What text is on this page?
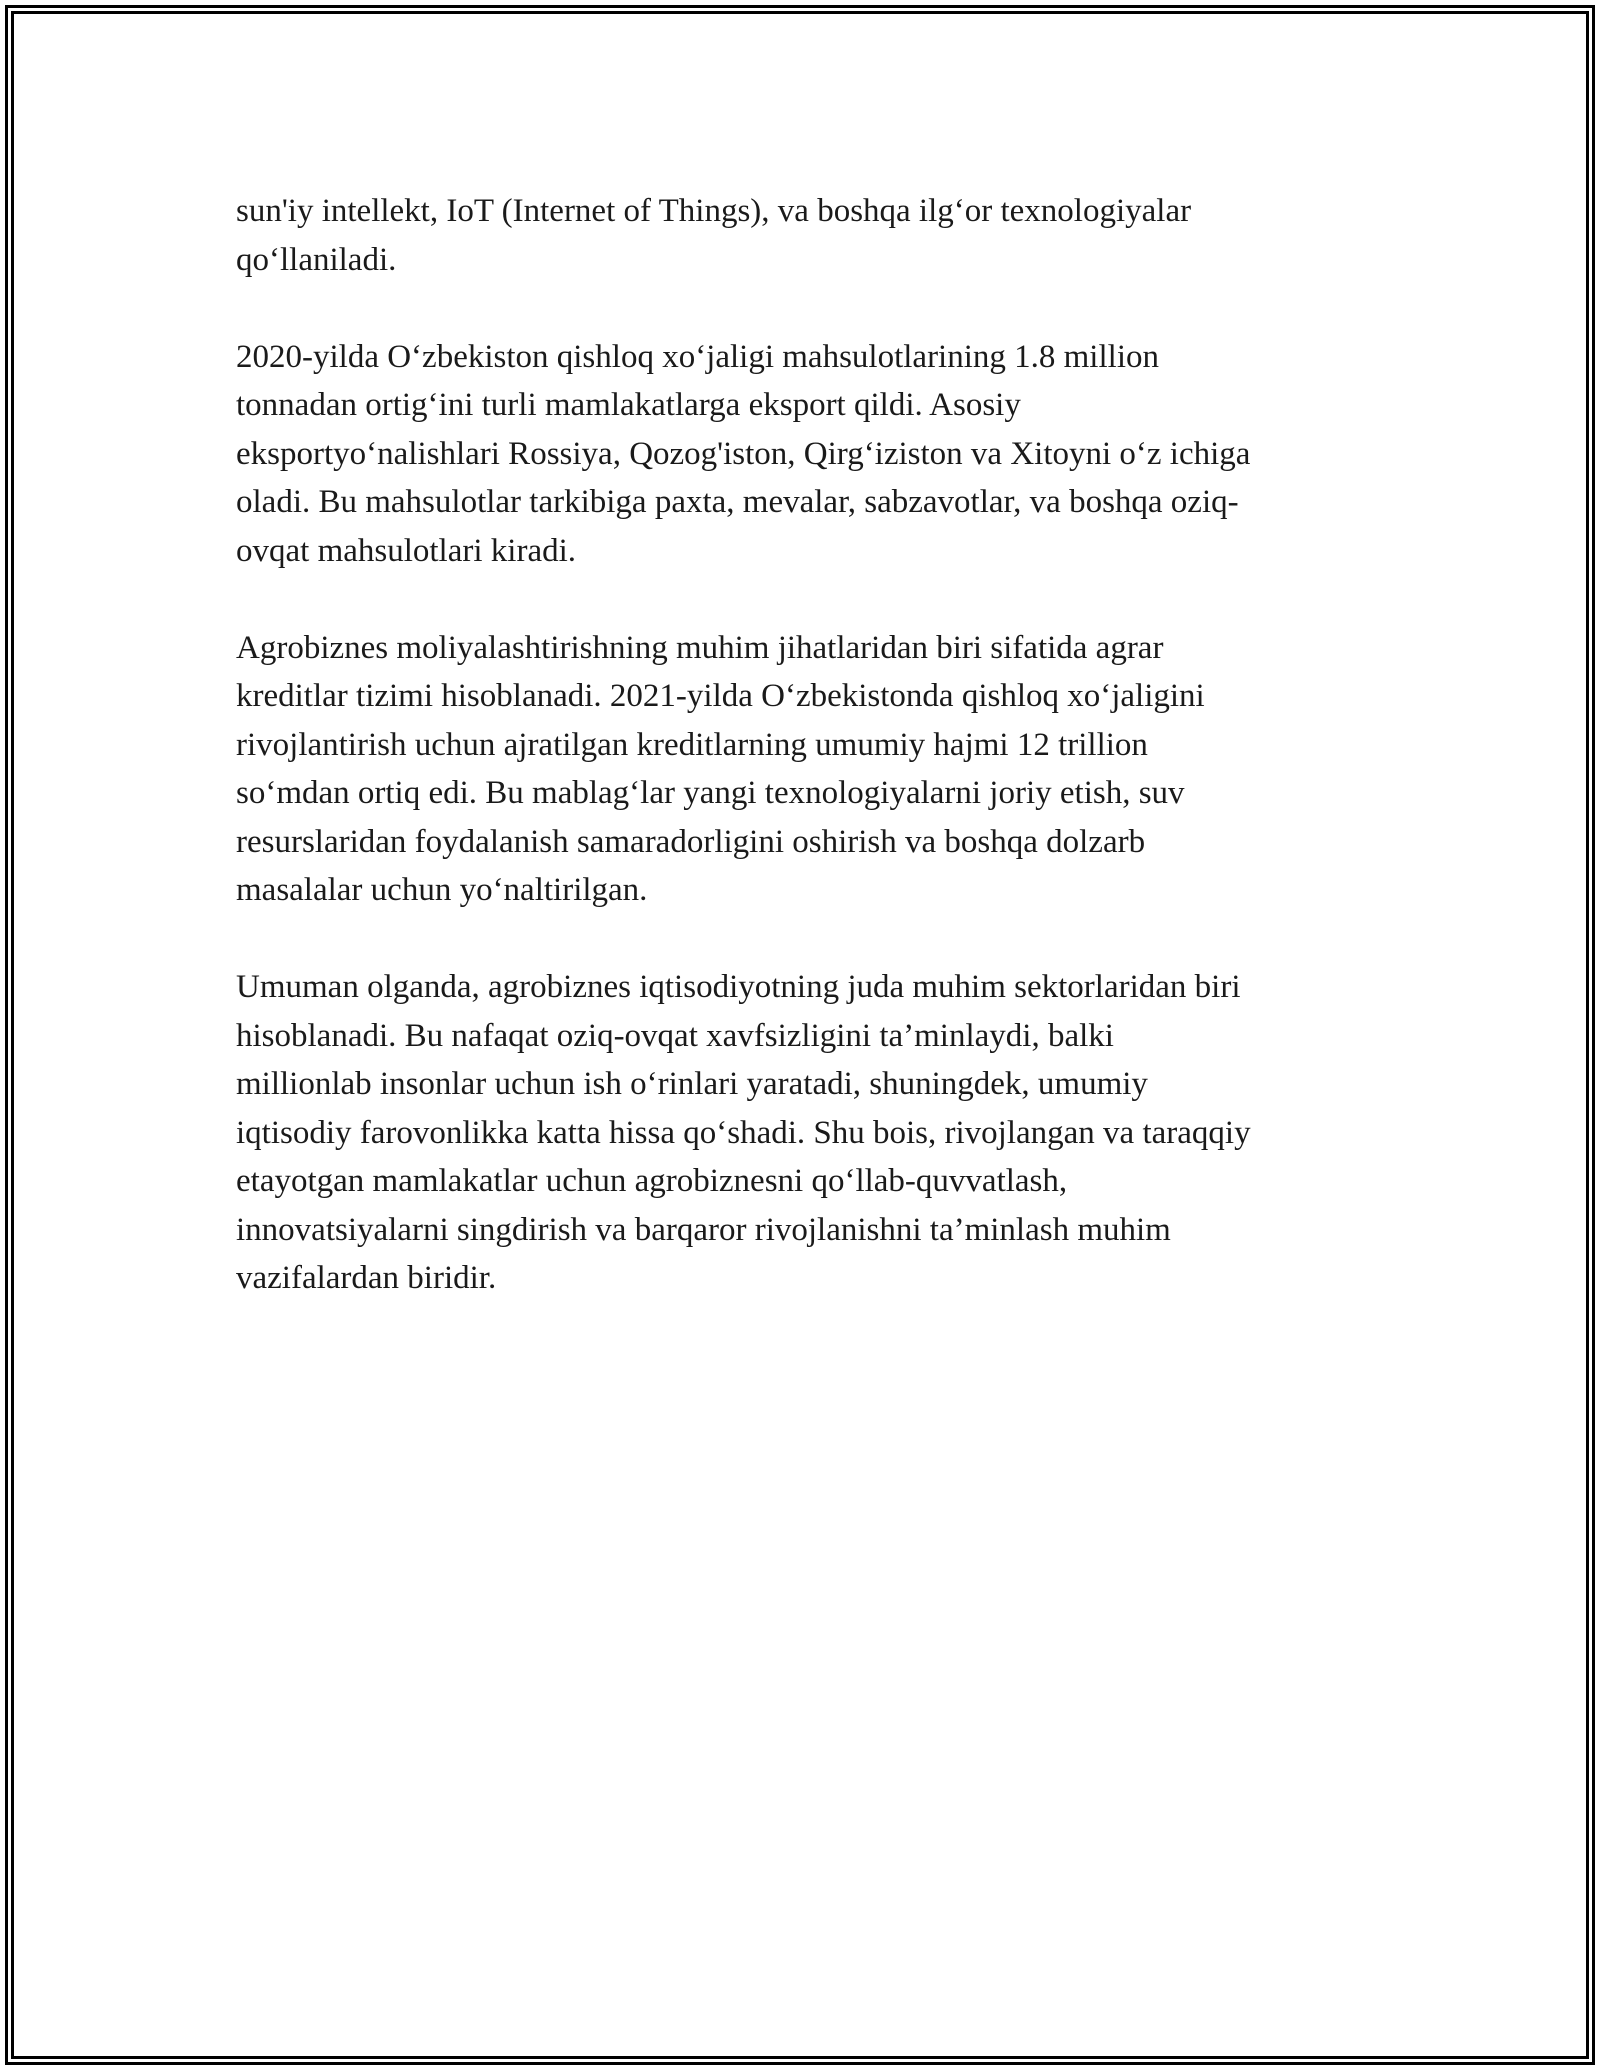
sun'iy intellekt, IoT (Internet of Things), va boshqa ilg‘or texnologiyalar
qo‘llaniladi.

2020-yilda O‘zbekiston qishloq xo‘jaligi mahsulotlarining 1.8 million
tonnadan ortig‘ini turli mamlakatlarga eksport qildi. Asosiy
eksportyo‘nalishlari Rossiya, Qozog'iston, Qirg‘iziston va Xitoyni o‘z ichiga
oladi. Bu mahsulotlar tarkibiga paxta, mevalar, sabzavotlar, va boshqa oziq-
ovqat mahsulotlari kiradi.

Agrobiznes moliyalashtirishning muhim jihatlaridan biri sifatida agrar
kreditlar tizimi hisoblanadi. 2021-yilda O‘zbekistonda qishloq xo‘jaligini
rivojlantirish uchun ajratilgan kreditlarning umumiy hajmi 12 trillion
so‘mdan ortiq edi. Bu mablag‘lar yangi texnologiyalarni joriy etish, suv
resurslaridan foydalanish samaradorligini oshirish va boshqa dolzarb
masalalar uchun yo‘naltirilgan.

Umuman olganda, agrobiznes iqtisodiyotning juda muhim sektorlaridan biri
hisoblanadi. Bu nafaqat oziq-ovqat xavfsizligini ta’minlaydi, balki
millionlab insonlar uchun ish o‘rinlari yaratadi, shuningdek, umumiy
iqtisodiy farovonlikka katta hissa qo‘shadi. Shu bois, rivojlangan va taraqqiy
etayotgan mamlakatlar uchun agrobiznesni qo‘llab-quvvatlash,
innovatsiyalarni singdirish va barqaror rivojlanishni ta’minlash muhim
vazifalardan biridir.
